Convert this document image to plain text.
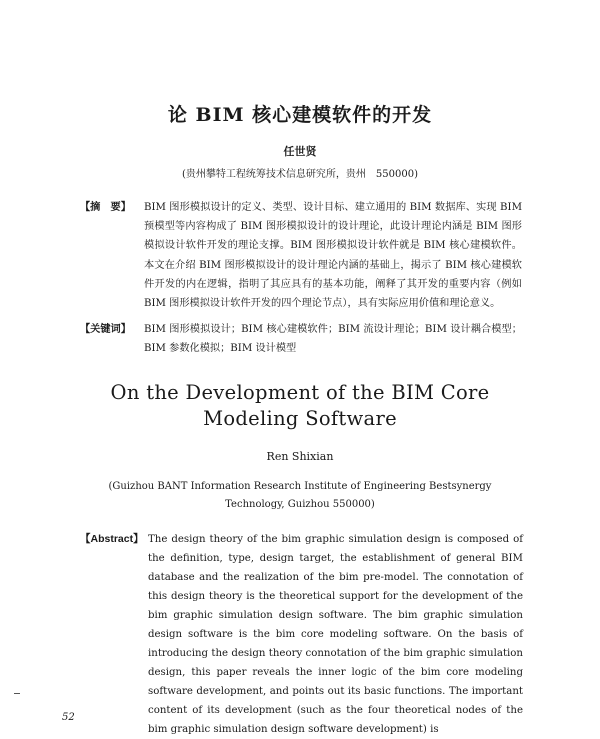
论 BIM 核心建模软件的开发
任世贤
(贵州攀特工程统筹技术信息研究所，贵州　550000)
【摘　要】 BIM 图形模拟设计的定义、类型、设计目标、建立通用的 BIM 数据库、实现 BIM 预模型等内容构成了 BIM 图形模拟设计的设计理论，此设计理论内涵是 BIM 图形模拟设计软件开发的理论支撑。BIM 图形模拟设计软件就是 BIM 核心建模软件。本文在介绍 BIM 图形模拟设计的设计理论内涵的基础上，揭示了 BIM 核心建模软件开发的内在逻辑，指明了其应具有的基本功能，阐释了其开发的重要内容（例如 BIM 图形模拟设计软件开发的四个理论节点），具有实际应用价值和理论意义。
【关键词】 BIM 图形模拟设计；BIM 核心建模软件；BIM 流设计理论；BIM 设计耦合模型；BIM 参数化模拟；BIM 设计模型
On the Development of the BIM Core
Modeling Software
Ren Shixian
(Guizhou BANT Information Research Institute of Engineering Bestsynergy
Technology, Guizhou 550000)
【Abstract】 The design theory of the bim graphic simulation design is composed of the definition, type, design target, the establishment of general BIM database and the realization of the bim pre-model. The connotation of this design theory is the theoretical support for the development of the bim graphic simulation design software. The bim graphic simulation design software is the bim core modeling software. On the basis of introducing the design theory connotation of the bim graphic simulation design, this paper reveals the inner logic of the bim core modeling software development, and points out its basic functions. The important content of its development (such as the four theoretical nodes of the bim graphic simulation design software development) is
52
